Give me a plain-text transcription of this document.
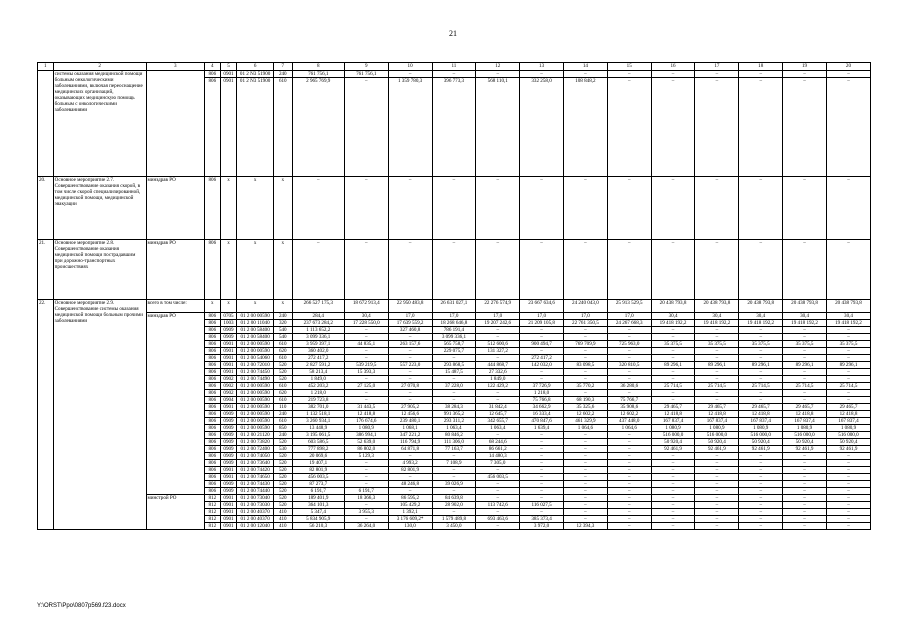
21
1	2	3	4	5	6	7	8	9	10	11	12	13	14	15	16	17	18	19	20
	системы оказания медицинской помощи больным онкологическими заболеваниями, включая переоснащение медицинских организаций, оказывающих медицинскую помощь больным с онкологическими заболеваниями		806	0901	01 2 N3 51900	240	761 756,1	761 756,1	–	–	–	–	–	–	–	–	–	–	–
			806	0901	01 2 N3 51900	610	2 965 769,9	–	1 359 780,3	396 773,3	568 110,1	332 258,0	108 848,2	–	–	–	–	–	–
20.	Основное мероприятие 2.7. Совершенствование оказания скорой, в том числе скорой специализированной, медицинской помощи, медицинской эвакуации	минздрав РО	806	х	х	х	–	–	–	–	–	–	–	–	–	–	–	–	–
21.	Основное мероприятие 2.8. Совершенствование оказания медицинской помощи пострадавшим при дорожно-транспортных происшествиях	минздрав РО	806	х	х	х	–	–	–	–	–	–	–	–	–	–	–	–	–
22.	Основное мероприятие 2.9. Совершенствование системы оказания медицинской помощи больным прочими заболеваниями	всего в том числе:	х	х	х	х	266 527 175,3	18 672 913,4	22 950 483,8	26 631 027,1	22 276 574,9	23 667 634,6	24 240 043,0	25 913 529,5	20 438 793,8	20 438 793,8	20 438 793,8	20 438 793,8	20 438 793,8
		минздрав РО	806	0705	01 2 00 00590	240	284,4	30,4	17,0	17,0	17,0	17,0	17,0	17,0	30,4	30,4	30,4	30,4	30,4
			806	1003	01 2 00 11040	320	237 673 284,2	17 228 550,0	17 639 559,2	18 268 646,8	19 207 242,6	21 209 105,8	22 761 350,5	24 267 668,3	19 418 192,2	19 418 192,2	19 418 192,2	19 418 192,2	19 418 192,2
			806	0909	01 2 00 58400	540	1 113 652,2	–	327 460,8	786 191,4	–	–	–	–	–	–	–	–	–
			806	0909	01 2 00 58400	540	3 099 336,1	–	–	3 099 336,1	–	–	–	–	–	–	–	–	–
			806	0901	01 2 00 00590	610	3 959 397,1	44 835,1	263 157,6	565 758,7	512 600,6	900 494,7	769 709,9	725 963,0	35 375,5	35 375,5	35 375,5	35 375,5	35 375,5
			806	0901	01 2 00 00590	620	360 402,0	–	–	229 075,7	131 327,2	–	–	–	–	–	–	–	–
			806	0901	01 2 00 54060	610	272 417,2	–	–	–	–	272 417,2	–	–	–	–	–	–	–
			806	0901	01 2 00 72010	520	2 827 591,2	539 219,5	557 223,0	293 868,5	444 868,7	142 032,0	83 098,5	320 810,5	89 296,1	89 296,1	89 296,1	89 296,1	89 296,1
			806	0901	01 2 00 74450	520	58 213,4	15 393,3	–	15 487,5	27 332,6	–	–	–	–	–	–	–	–
			806	0902	01 2 00 74490	520	1 849,0	–	–	–	1 849,0	–	–	–	–	–	–	–	–
			806	0902	01 2 00 00590	610	452 203,2	27 125,0	27 070,8	37 228,0	122 429,2	37 726,9	35 770,2	36 280,6	25 714,5	25 714,5	25 714,5	25 714,5	25 714,5
			806	0902	01 2 00 00590	620	1 218,0	–	–	–	–	1 218,0	–	–	–	–	–	–	–
			806	0904	01 2 00 00590	610	219 723,8	–	–	–	–	75 766,8	68 190,3	75 766,7	–	–	–	–	–
			806	0901	01 2 00 00590	110	382 701,0	31 443,5	27 905,2	38 284,3	31 842,4	34 662,9	35 325,6	35 908,6	29 465,7	29 465,7	29 465,7	29 465,7	29 465,7
			806	0909	01 2 00 00590	240	1 132 518,1	12 418,8	12 456,6	991 365,2	12 645,7	16 333,4	12 602,2	12 602,2	12 418,8	12 418,8	12 418,8	12 418,8	12 418,8
			806	0909	01 2 00 00590	610	3 260 934,1	176 674,6	239 480,1	293 311,2	342 655,7	470 847,6	461 329,9	437 448,0	167 837,4	167 837,4	167 837,4	167 837,4	167 837,4
			806	0909	01 2 00 00590	850	13 448,9	1 080,9	1 068,1	1 063,4	1 063,4	1 639,4	1 064,6	1 064,6	1 080,9	1 080,9	1 080,9	1 080,9	1 080,9
			806	0909	01 2 00 21120	240	3 195 061,5	386 994,1	347 221,2	80 846,2	–	–	–	–	516 000,0	516 000,0	516 000,0	516 000,0	516 000,0
			806	0909	01 2 00 73820	520	603 586,5	52 639,0	116 794,9	111 306,0	68 244,6	–	–	–	50 920,4	50 920,4	50 920,4	50 920,4	50 920,4
			806	0909	01 2 00 72400	530	777 898,2	86 802,0	64 871,8	77 163,7	86 661,2	–	–	–	92 461,9	92 461,9	92 461,9	92 461,9	92 461,9
			806	0909	01 2 00 74050	520	20 069,6	5 129,3	–	–	14 480,3	–	–	–	–	–	–	–	–
			806	0909	01 2 00 73640	520	19 407,1	–	4 993,2	7 108,9	7 305,0	–	–	–	–	–	–	–	–
			806	0901	01 2 00 74420	520	82 801,9	–	82 801,9	–	–	–	–	–	–	–	–	–	–
			806	0901	01 2 00 74650	520	456 003,5	–	–	–	456 003,5	–	–	–	–	–	–	–	–
			806	0909	01 2 00 74430	520	87 273,7	–	48 246,8	39 026,9	–	–	–	–	–	–	–	–	–
			806	0909	01 2 00 74440	520	6 191,7	6 191,7	–	–	–	–	–	–	–	–	–	–	–
		минстрой РО	812	0901	01 2 00 73040	520	189 401,9	18 366,3	86 595,2	84 639,8	–	–	–	–	–	–	–	–	–
			812	0901	01 2 00 73030	520	364 101,3	–	105 429,2	28 902,0	113 742,6	116 027,5	–	–	–	–	–	–	–
			812	0901	01 2 00 40370	410	5 347,4	3 955,3	1 392,1	–	–	–	–	–	–	–	–	–	–
			812	0901	01 2 00 40370	410	5 834 905,9	–	3 176 609,2*	1 579 489,8	693 463,6	385 373,4	–	–	–	–	–	–	–
			812	0901	01 2 00 12040	410	56 210,3	36 264,0	130,0	3 450,0	–	3 972,0	12 394,3	–	–	–	–	–	–
Y:\ORST\Ppo\0807p569.f23.docx
